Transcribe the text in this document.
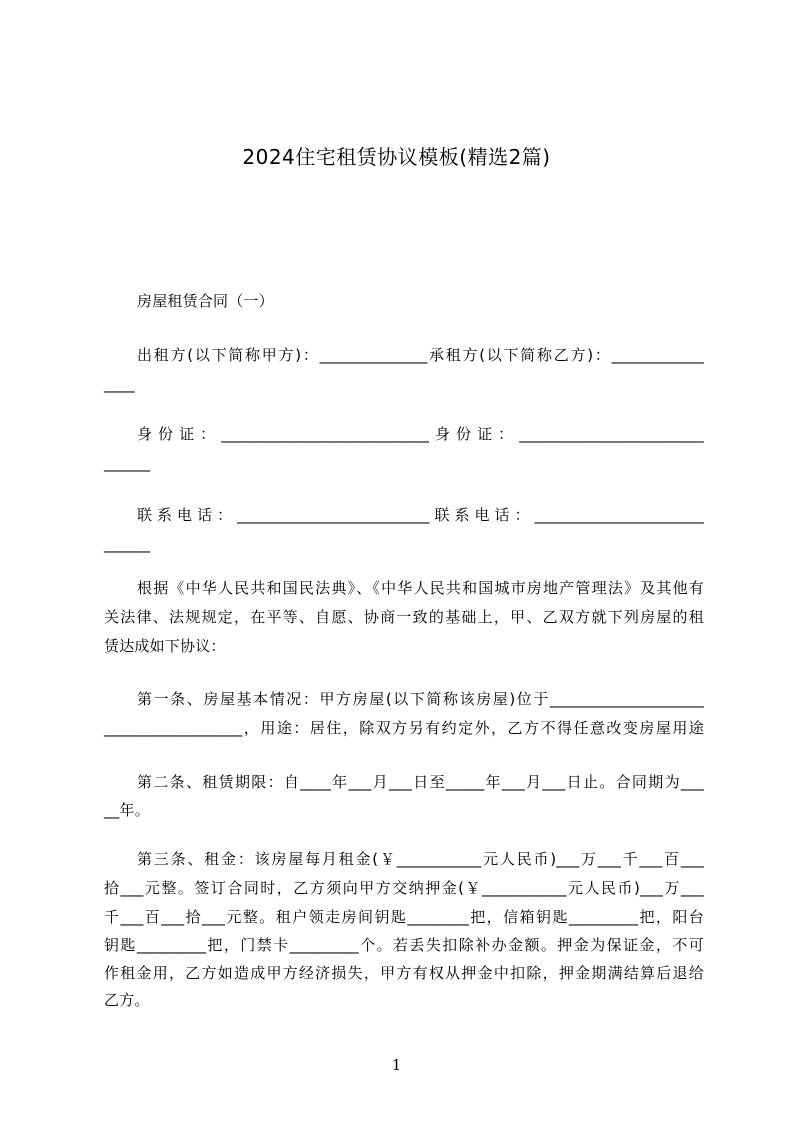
2024住宅租赁协议模板(精选2篇)
房屋租赁合同（一）
出租方(以下简称甲方)：______________承租方(以下简称乙方)：____________
____
身份证：___________________________身份证：________________________
______
联系电话：_________________________联系电话：______________________
______
根据《中华人民共和国民法典》、《中华人民共和国城市房地产管理法》及其他有
关法律、法规规定，在平等、自愿、协商一致的基础上，甲、乙双方就下列房屋的租
赁达成如下协议：
第一条、房屋基本情况：甲方房屋(以下简称该房屋)位于____________________
__________________，用途：居住，除双方另有约定外，乙方不得任意改变房屋用途
第二条、租赁期限：自____年___月___日至_____年___月___日止。合同期为___
__年。
第三条、租金：该房屋每月租金(￥___________元人民币)___万___千___百___
拾___元整。签订合同时，乙方须向甲方交纳押金(￥___________元人民币)___万___
千___百___拾___元整。租户领走房间钥匙________把，信箱钥匙_________把，阳台
钥匙_________把，门禁卡_________个。若丢失扣除补办金额。押金为保证金，不可
作租金用，乙方如造成甲方经济损失，甲方有权从押金中扣除，押金期满结算后退给
乙方。
1
